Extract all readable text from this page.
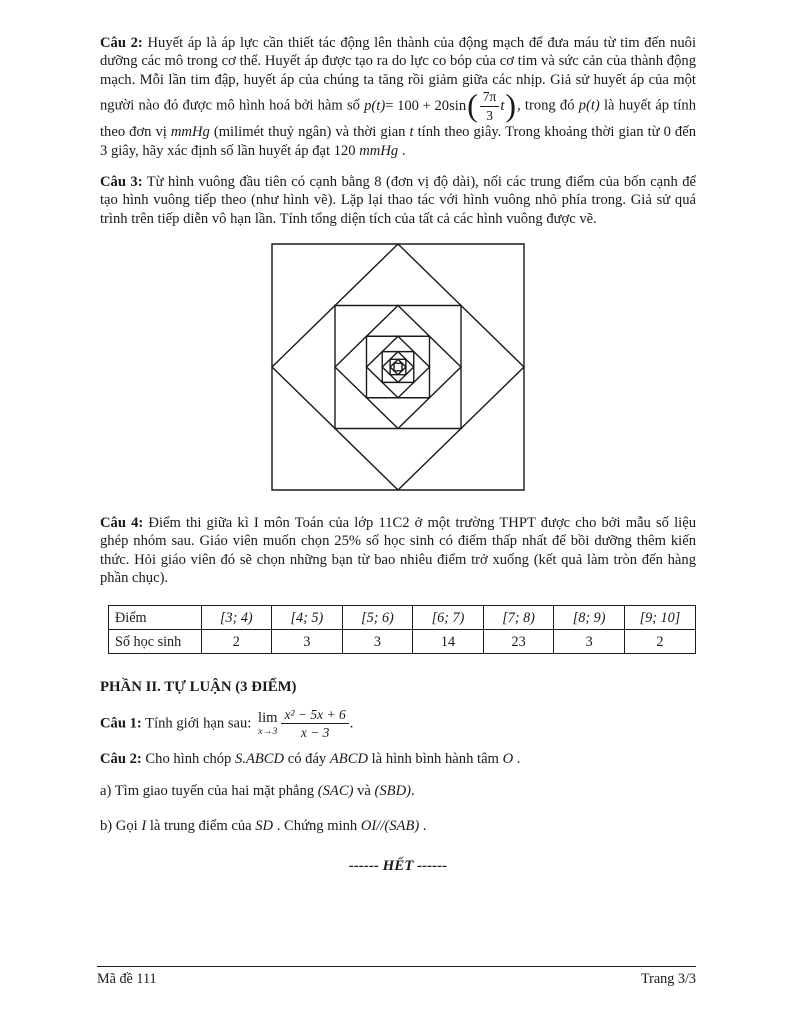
Câu 2: Huyết áp là áp lực cần thiết tác động lên thành của động mạch để đưa máu từ tim đến nuôi dưỡng các mô trong cơ thể. Huyết áp được tạo ra do lực co bóp của cơ tim và sức cản của thành động mạch. Mỗi lần tim đập, huyết áp của chúng ta tăng rồi giảm giữa các nhịp. Giả sử huyết áp của một người nào đó được mô hình hoá bởi hàm số p(t) = 100 + 20sin ( $\frac{7\pi}{3}$ t ) , trong đó p(t) là huyết áp tính theo đơn vị mmHg (milimét thuỷ ngân) và thời gian t tính theo giây. Trong khoảng thời gian từ 0 đến 3 giây, hãy xác định số lần huyết áp đạt 120 mmHg .

Câu 3: Từ hình vuông đầu tiên có cạnh bằng 8 (đơn vị độ dài), nối các trung điểm của bốn cạnh để tạo hình vuông tiếp theo (như hình vẽ). Lặp lại thao tác với hình vuông nhỏ phía trong. Giả sử quá trình trên tiếp diễn vô hạn lần. Tính tổng diện tích của tất cả các hình vuông được vẽ.

Câu 4: Điểm thi giữa kì I môn Toán của lớp 11C2 ở một trường THPT được cho bởi mẫu số liệu ghép nhóm sau. Giáo viên muốn chọn 25% số học sinh có điểm thấp nhất để bồi dưỡng thêm kiến thức. Hỏi giáo viên đó sẽ chọn những bạn từ bao nhiêu điểm trở xuống (kết quả làm tròn đến hàng phần chục).

Điểm	[3; 4)	[4; 5)	[5; 6)	[6; 7)	[7; 8)	[8; 9)	[9; 10]
Số học sinh	2	3	3	14	23	3	2
PHẦN II. TỰ LUẬN (3 ĐIỂM)

Câu 1: Tính giới hạn sau: lim
$x\to 3 \frac{\text{x² − 5x + 6}}{x - 3}$ .

Câu 2: Cho hình chóp S.ABCD có đáy ABCD là hình bình hành tâm O .

a) Tìm giao tuyến của hai mặt phẳng (SAC) và (SBD).

b) Gọi I là trung điểm của SD . Chứng minh OI//(SAB) .

------ HẾT ------
Mã đề 111	Trang 3/3
